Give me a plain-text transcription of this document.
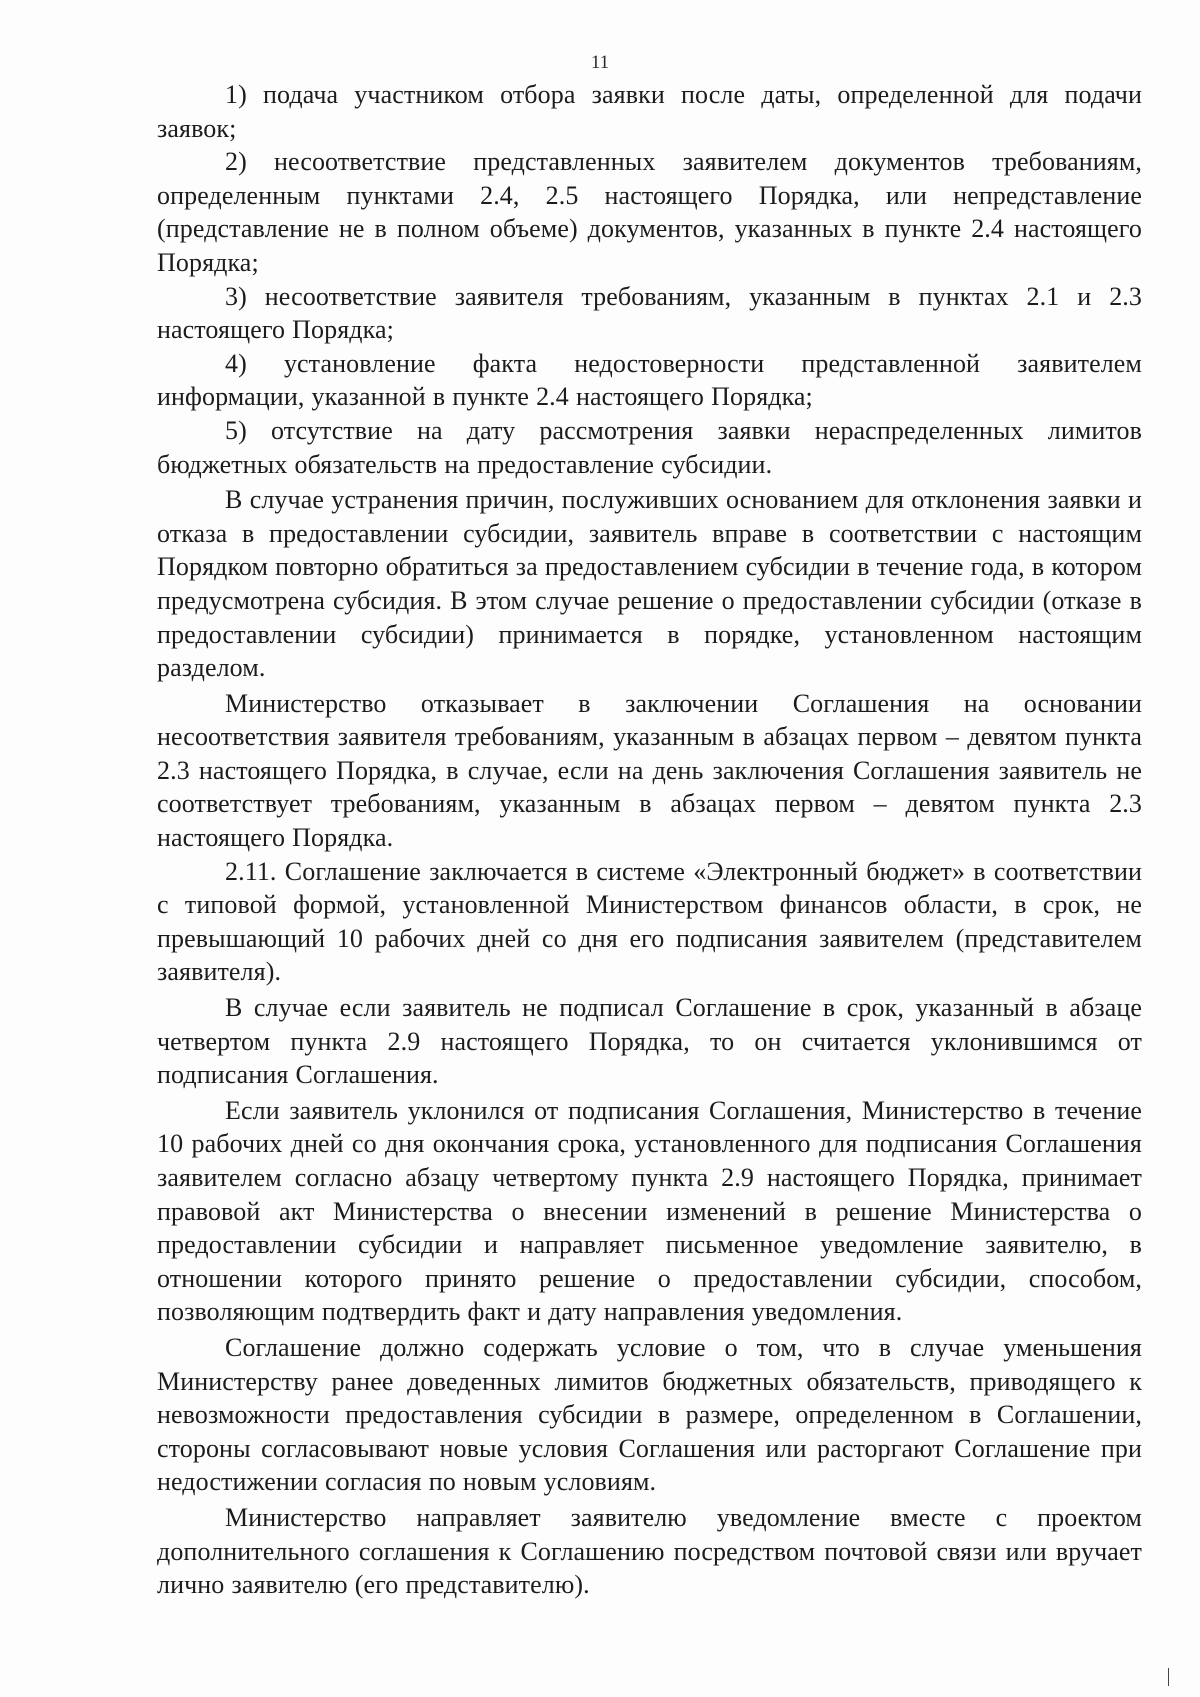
11

1) подача участником отбора заявки после даты, определенной для подачи заявок;

2) несоответствие представленных заявителем документов требованиям, определенным пунктами 2.4, 2.5 настоящего Порядка, или непредставление (представление не в полном объеме) документов, указанных в пункте 2.4 настоящего Порядка;

3) несоответствие заявителя требованиям, указанным в пунктах 2.1 и 2.3 настоящего Порядка;

4) установление факта недостоверности представленной заявителем информации, указанной в пункте 2.4 настоящего Порядка;

5) отсутствие на дату рассмотрения заявки нераспределенных лимитов бюджетных обязательств на предоставление субсидии.

В случае устранения причин, послуживших основанием для отклонения заявки и отказа в предоставлении субсидии, заявитель вправе в соответствии с настоящим Порядком повторно обратиться за предоставлением субсидии в течение года, в котором предусмотрена субсидия. В этом случае решение о предоставлении субсидии (отказе в предоставлении субсидии) принимается в порядке, установленном настоящим разделом.

Министерство отказывает в заключении Соглашения на основании несоответствия заявителя требованиям, указанным в абзацах первом – девятом пункта 2.3 настоящего Порядка, в случае, если на день заключения Соглашения заявитель не соответствует требованиям, указанным в абзацах первом – девятом пункта 2.3 настоящего Порядка.

2.11. Соглашение заключается в системе «Электронный бюджет» в соответствии с типовой формой, установленной Министерством финансов области, в срок, не превышающий 10 рабочих дней со дня его подписания заявителем (представителем заявителя).

В случае если заявитель не подписал Соглашение в срок, указанный в абзаце четвертом пункта 2.9 настоящего Порядка, то он считается уклонившимся от подписания Соглашения.

Если заявитель уклонился от подписания Соглашения, Министерство в течение 10 рабочих дней со дня окончания срока, установленного для подписания Соглашения заявителем согласно абзацу четвертому пункта 2.9 настоящего Порядка, принимает правовой акт Министерства о внесении изменений в решение Министерства о предоставлении субсидии и направляет письменное уведомление заявителю, в отношении которого принято решение о предоставлении субсидии, способом, позволяющим подтвердить факт и дату направления уведомления.

Соглашение должно содержать условие о том, что в случае уменьшения Министерству ранее доведенных лимитов бюджетных обязательств, приводящего к невозможности предоставления субсидии в размере, определенном в Соглашении, стороны согласовывают новые условия Соглашения или расторгают Соглашение при недостижении согласия по новым условиям.

Министерство направляет заявителю уведомление вместе с проектом дополнительного соглашения к Соглашению посредством почтовой связи или вручает лично заявителю (его представителю).
